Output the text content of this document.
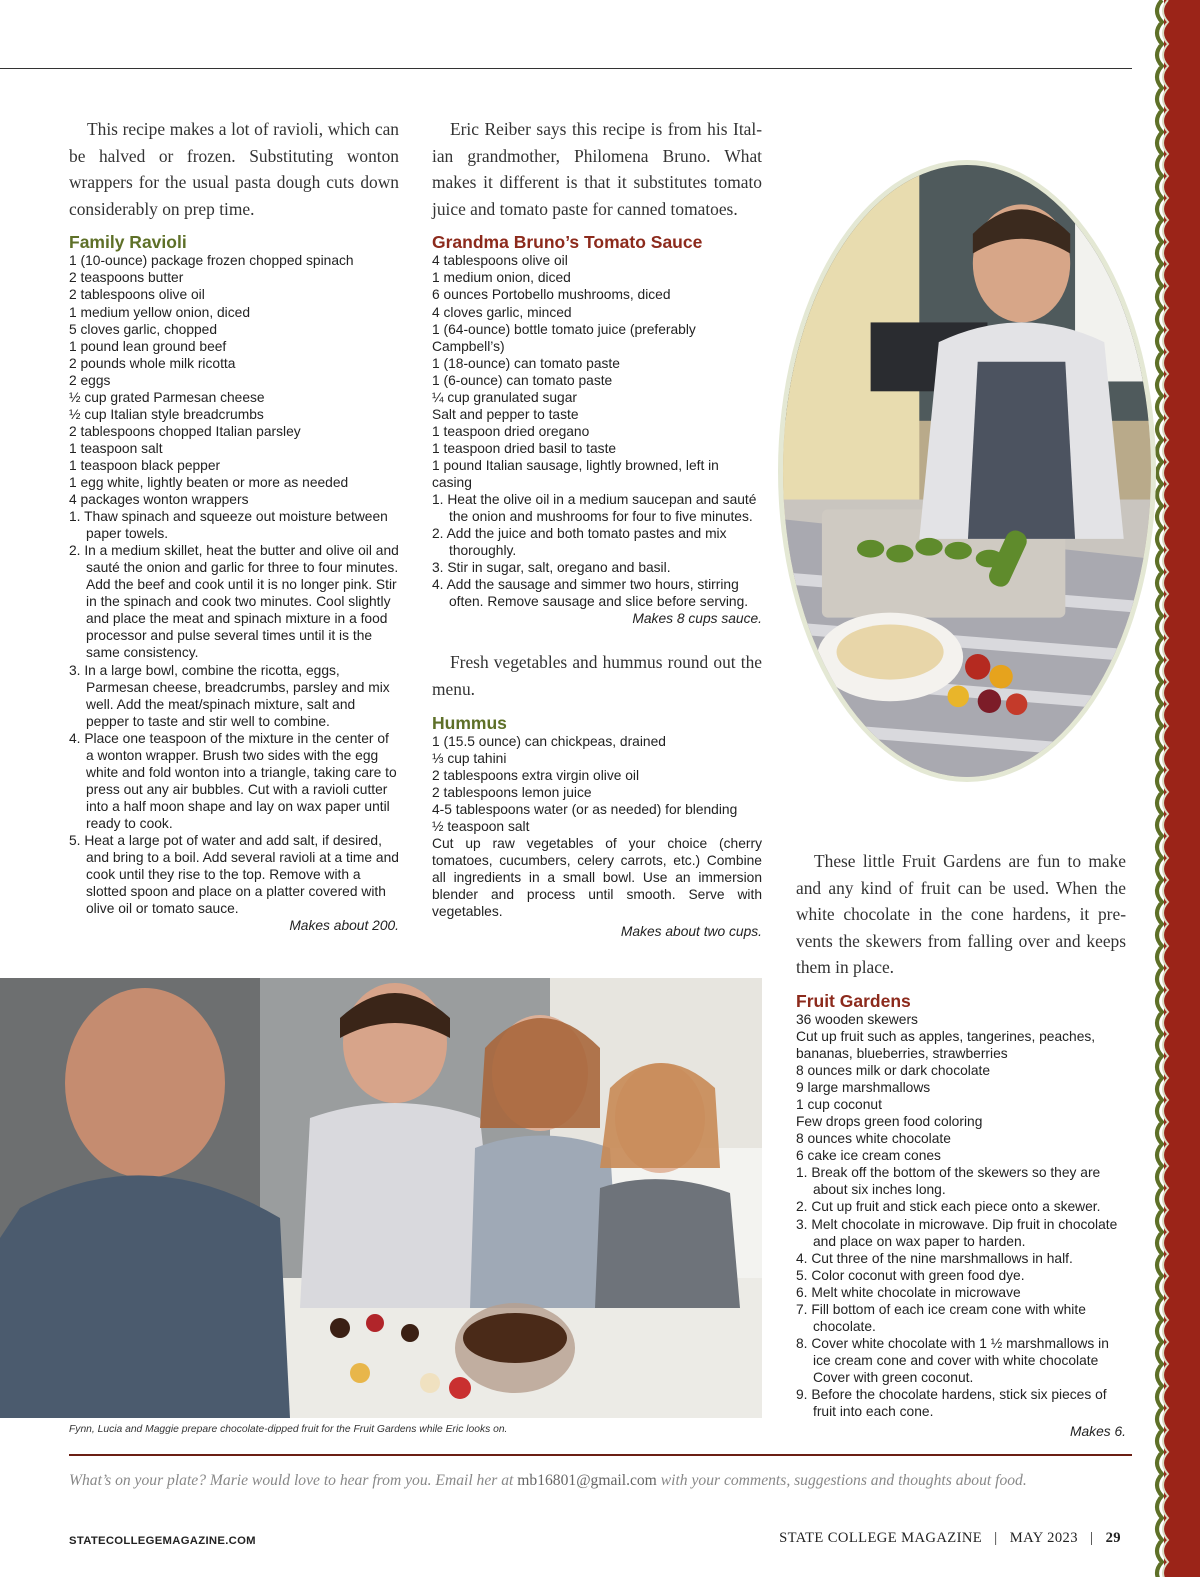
This recipe makes a lot of ravioli, which can be halved or frozen. Substituting wonton wrappers for the usual pasta dough cuts down considerably on prep time.

Family Ravioli
1 (10-ounce) package frozen chopped spinach
2 teaspoons butter
2 tablespoons olive oil
1 medium yellow onion, diced
5 cloves garlic, chopped
1 pound lean ground beef
2 pounds whole milk ricotta
2 eggs
½ cup grated Parmesan cheese
½ cup Italian style breadcrumbs
2 tablespoons chopped Italian parsley
1 teaspoon salt
1 teaspoon black pepper
1 egg white, lightly beaten or more as needed
4 packages wonton wrappers
1. Thaw spinach and squeeze out moisture between paper towels.
2. In a medium skillet, heat the butter and olive oil and sauté the onion and garlic for three to four minutes. Add the beef and cook until it is no longer pink. Stir in the spinach and cook two minutes. Cool slightly and place the meat and spinach mixture in a food processor and pulse several times until it is the same consistency.
3. In a large bowl, combine the ricotta, eggs, Parmesan cheese, breadcrumbs, parsley and mix well. Add the meat/spinach mixture, salt and pepper to taste and stir well to combine.
4. Place one teaspoon of the mixture in the center of a wonton wrapper. Brush two sides with the egg white and fold wonton into a triangle, taking care to press out any air bubbles. Cut with a ravioli cutter into a half moon shape and lay on wax paper until ready to cook.
5. Heat a large pot of water and add salt, if desired, and bring to a boil. Add several ravioli at a time and cook until they rise to the top. Remove with a slotted spoon and place on a platter covered with olive oil or tomato sauce.

Makes about 200.

Eric Reiber says this recipe is from his Italian grandmother, Philomena Bruno. What makes it different is that it substitutes tomato juice and tomato paste for canned tomatoes.

Grandma Bruno’s Tomato Sauce
4 tablespoons olive oil
1 medium onion, diced
6 ounces Portobello mushrooms, diced
4 cloves garlic, minced
1 (64-ounce) bottle tomato juice (preferably Campbell’s)
1 (18-ounce) can tomato paste
1 (6-ounce) can tomato paste
¼ cup granulated sugar
Salt and pepper to taste
1 teaspoon dried oregano
1 teaspoon dried basil to taste
1 pound Italian sausage, lightly browned, left in casing
1. Heat the olive oil in a medium saucepan and sauté the onion and mushrooms for four to five minutes.
2. Add the juice and both tomato pastes and mix thoroughly.
3. Stir in sugar, salt, oregano and basil.
4. Add the sausage and simmer two hours, stirring often. Remove sausage and slice before serving.

Makes 8 cups sauce.

Fresh vegetables and hummus round out the menu.

Hummus
1 (15.5 ounce) can chickpeas, drained
⅓ cup tahini
2 tablespoons extra virgin olive oil
2 tablespoons lemon juice
4-5 tablespoons water (or as needed) for blending
½ teaspoon salt

Cut up raw vegetables of your choice (cherry tomatoes, cucumbers, celery carrots, etc.) Combine all ingredients in a small bowl. Use an immersion blender and process until smooth. Serve with vegetables.

Makes about two cups.

These little Fruit Gardens are fun to make and any kind of fruit can be used. When the white chocolate in the cone hardens, it prevents the skewers from falling over and keeps them in place.

Fruit Gardens
36 wooden skewers
Cut up fruit such as apples, tangerines, peaches, bananas, blueberries, strawberries
8 ounces milk or dark chocolate
9 large marshmallows
1 cup coconut
Few drops green food coloring
8 ounces white chocolate
6 cake ice cream cones
1. Break off the bottom of the skewers so they are about six inches long.
2. Cut up fruit and stick each piece onto a skewer.
3. Melt chocolate in microwave. Dip fruit in chocolate and place on wax paper to harden.
4. Cut three of the nine marshmallows in half.
5. Color coconut with green food dye.
6. Melt white chocolate in microwave
7. Fill bottom of each ice cream cone with white chocolate.
8. Cover white chocolate with 1 ½ marshmallows in ice cream cone and cover with white chocolate Cover with green coconut.
9. Before the chocolate hardens, stick six pieces of fruit into each cone.

Makes 6.

Fynn, Lucia and Maggie prepare chocolate-dipped fruit for the Fruit Gardens while Eric looks on.

What’s on your plate? Marie would love to hear from you. Email her at mb16801@gmail.com with your comments, suggestions and thoughts about food.

STATECOLLEGEMAGAZINE.COM	STATE COLLEGE MAGAZINE   |   MAY 2023   |   29
